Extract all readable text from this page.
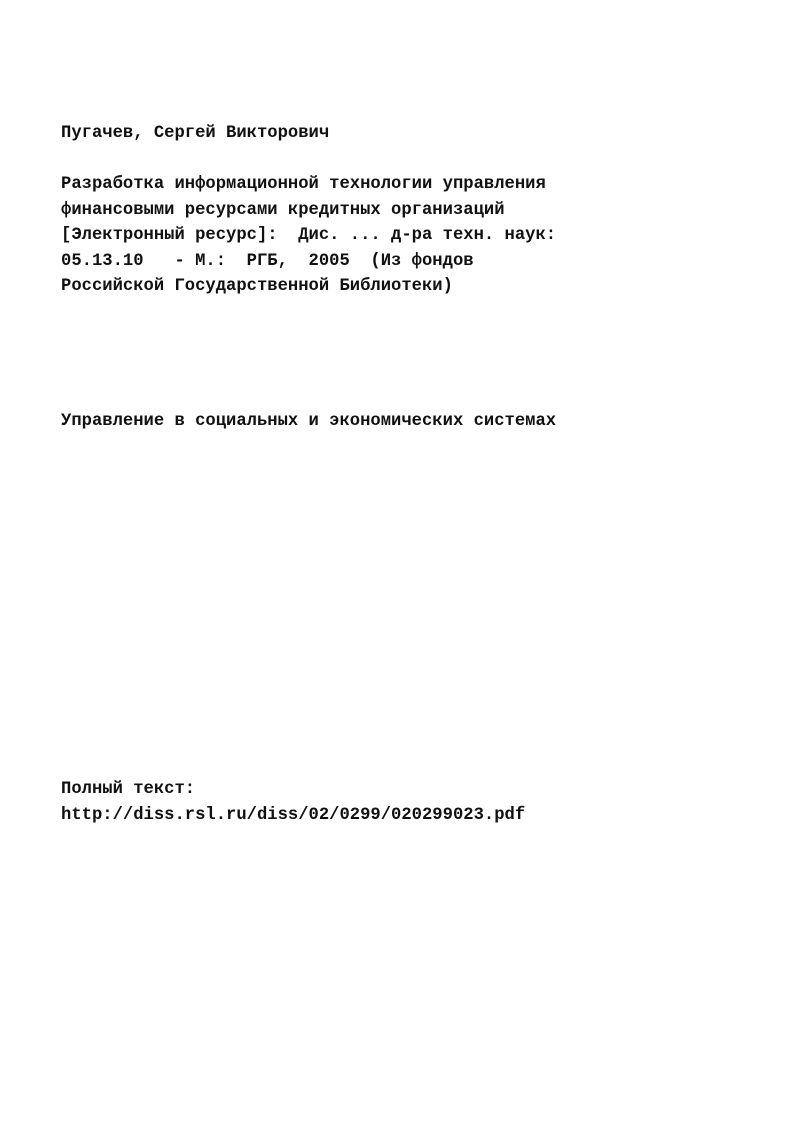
Пугачев, Сергей Викторович
Разработка информационной технологии управления
финансовыми ресурсами кредитных организаций
[Электронный ресурс]:  Дис. ... д-ра техн. наук:
05.13.10   - М.:  РГБ,  2005  (Из фондов
Российской Государственной Библиотеки)
Управление в социальных и экономических системах
Полный текст:
http://diss.rsl.ru/diss/02/0299/020299023.pdf
